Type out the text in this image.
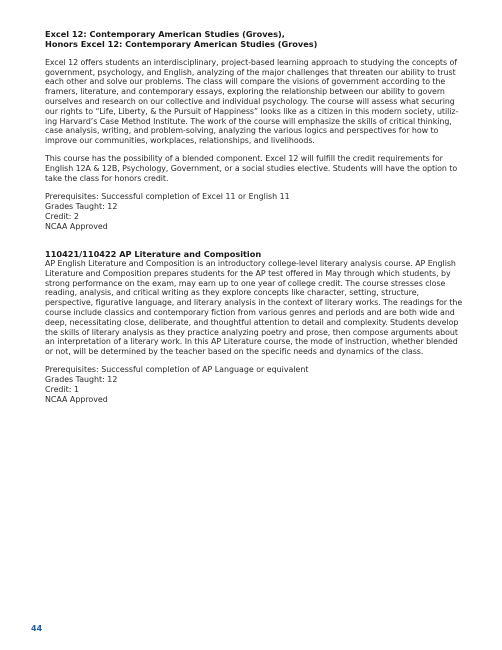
Excel 12: Contemporary American Studies (Groves),

Honors Excel 12: Contemporary American Studies (Groves)

Excel 12 offers students an interdisciplinary, project-based learning approach to studying the concepts of government, psychology, and English, analyzing of the major challenges that threaten our ability to trust each other and solve our problems. The class will compare the visions of government according to the framers, literature, and contemporary essays, exploring the relationship between our ability to govern ourselves and research on our collective and individual psychology. The course will assess what securing our rights to “Life, Liberty, & the Pursuit of Happiness” looks like as a citizen in this modern society, utiliz-ing Harvard’s Case Method Institute. The work of the course will emphasize the skills of critical thinking, case analysis, writing, and problem-solving, analyzing the various logics and perspectives for how to improve our communities, workplaces, relationships, and livelihoods.

This course has the possibility of a blended component. Excel 12 will fulfill the credit requirements for English 12A & 12B, Psychology, Government, or a social studies elective. Students will have the option to take the class for honors credit.

Prerequisites: Successful completion of Excel 11 or English 11

Grades Taught: 12

Credit: 2

NCAA Approved

110421/110422 AP Literature and Composition

AP English Literature and Composition is an introductory college-level literary analysis course. AP English Literature and Composition prepares students for the AP test offered in May through which students, by strong performance on the exam, may earn up to one year of college credit. The course stresses close reading, analysis, and critical writing as they explore concepts like character, setting, structure, perspective, figurative language, and literary analysis in the context of literary works. The readings for the course include classics and contemporary fiction from various genres and periods and are both wide and deep, necessitating close, deliberate, and thoughtful attention to detail and complexity. Students develop the skills of literary analysis as they practice analyzing poetry and prose, then compose arguments about an interpretation of a literary work. In this AP Literature course, the mode of instruction, whether blended or not, will be determined by the teacher based on the specific needs and dynamics of the class.

Prerequisites: Successful completion of AP Language or equivalent

Grades Taught: 12

Credit: 1

NCAA Approved

44
